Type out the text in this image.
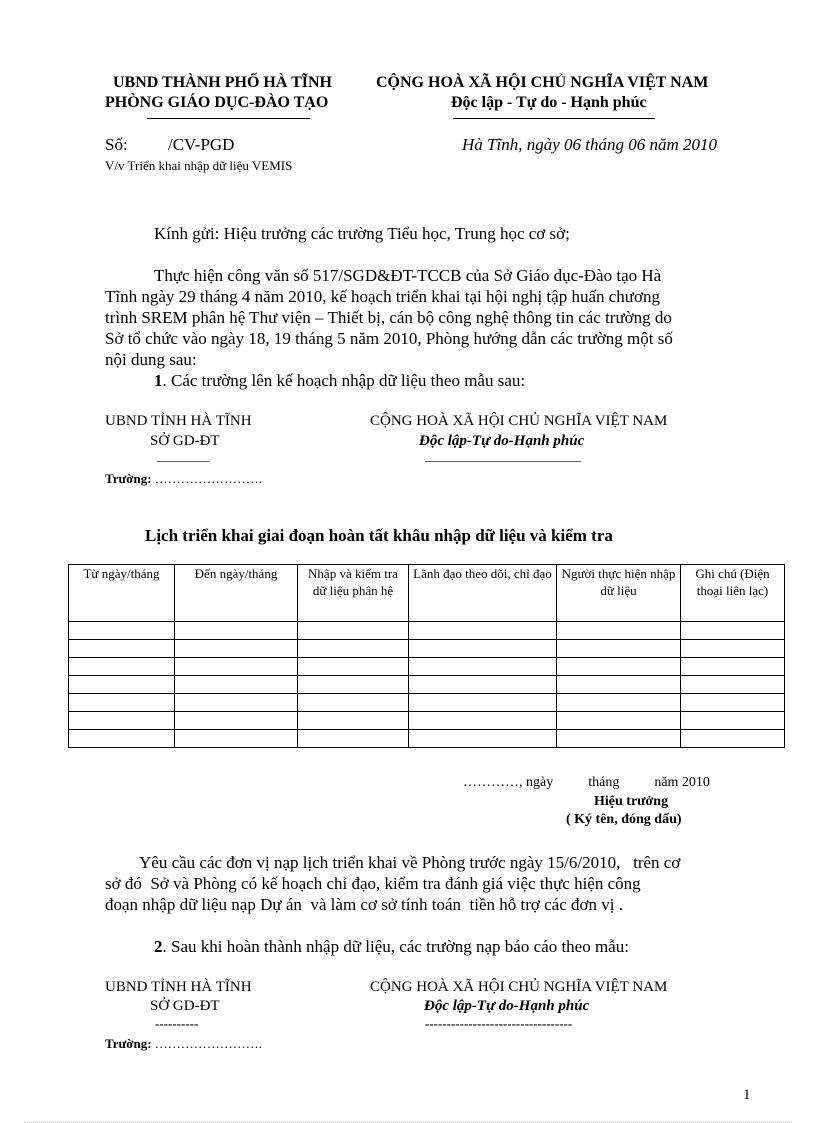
UBND THÀNH PHỐ HÀ TĨNH
PHÒNG GIÁO DỤC-ĐÀO TẠO
CỘNG HOÀ XÃ HỘI CHỦ NGHĨA VIỆT NAM
Độc lập - Tự do - Hạnh phúc
Số: /CV-PGD
V/v Triển khai nhập dữ liệu VEMIS
Hà Tĩnh, ngày 06 tháng 06 năm 2010
Kính gửi: Hiệu trưởng các trường Tiểu học, Trung học cơ sở;
Thực hiện công văn số 517/SGD&ĐT-TCCB của Sở Giáo dục-Đào tạo Hà
Tĩnh ngày 29 tháng 4 năm 2010, kế hoạch triển khai tại hội nghị tập huấn chương
trình SREM phân hệ Thư viện – Thiết bị, cán bộ công nghệ thông tin các trường do
Sở tổ chức vào ngày 18, 19 tháng 5 năm 2010, Phòng hướng dẫn các trường một số
nội dung sau:
1. Các trường lên kế hoạch nhập dữ liệu theo mẫu sau:
UBND TỈNH HÀ TĨNH
SỞ GD-ĐT
________
CỘNG HOÀ XÃ HỘI CHỦ NGHĨA VIỆT NAM
Độc lập-Tự do-Hạnh phúc
________________________
Trường: …………………….
Lịch triển khai giai đoạn hoàn tất khâu nhập dữ liệu và kiểm tra
Từ ngày/tháng	Đến ngày/tháng	Nhập và kiểm tra dữ liệu phân hệ	Lãnh đạo theo dõi, chỉ đạo	Người thực hiện nhập dữ liệu	Ghi chú (Điện thoại liên lạc)

…………, ngày          tháng          năm 2010
Hiệu trưởng
( Ký tên, đóng dấu)
Yêu cầu các đơn vị nạp lịch triển khai về Phòng trước ngày 15/6/2010,   trên cơ
sở đó  Sở và Phòng có kế hoạch chỉ đạo, kiểm tra đánh giá việc thực hiện công
đoạn nhập dữ liệu nạp Dự án  và làm cơ sở tính toán  tiền hỗ trợ các đơn vị .
2. Sau khi hoàn thành nhập dữ liệu, các trường nạp báo cáo theo mẫu:
UBND TỈNH HÀ TĨNH
SỞ GD-ĐT
----------
CỘNG HOÀ XÃ HỘI CHỦ NGHĨA VIỆT NAM
Độc lập-Tự do-Hạnh phúc
----------------------------------
Trường: …………………….
1
